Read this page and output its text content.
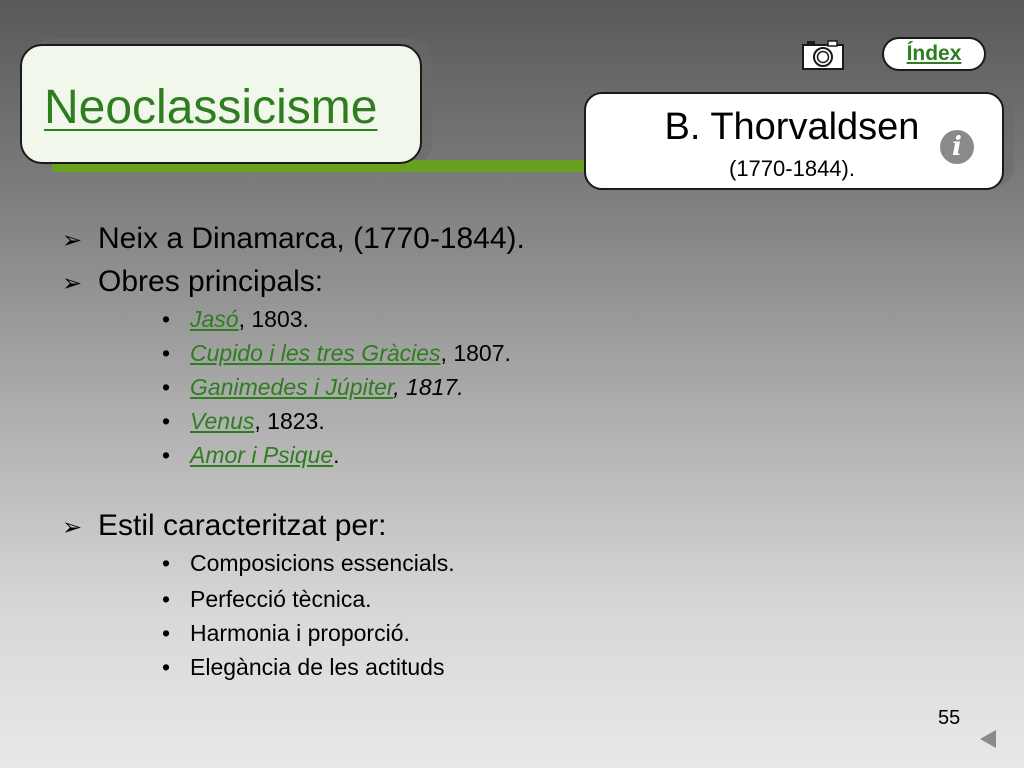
Neoclassicisme	B. Thorvaldsen
(1770-1844).
i
Índex
➢ Neix a Dinamarca, (1770-1844).
➢ Obres principals:
• Jasó, 1803.
• Cupido i les tres Gràcies, 1807.
• Ganimedes i Júpiter, 1817.
• Venus, 1823.
• Amor i Psique.
➢ Estil caracteritzat per:
• Composicions essencials.
• Perfecció tècnica.
• Harmonia i proporció.
• Elegància de les actituds
55
